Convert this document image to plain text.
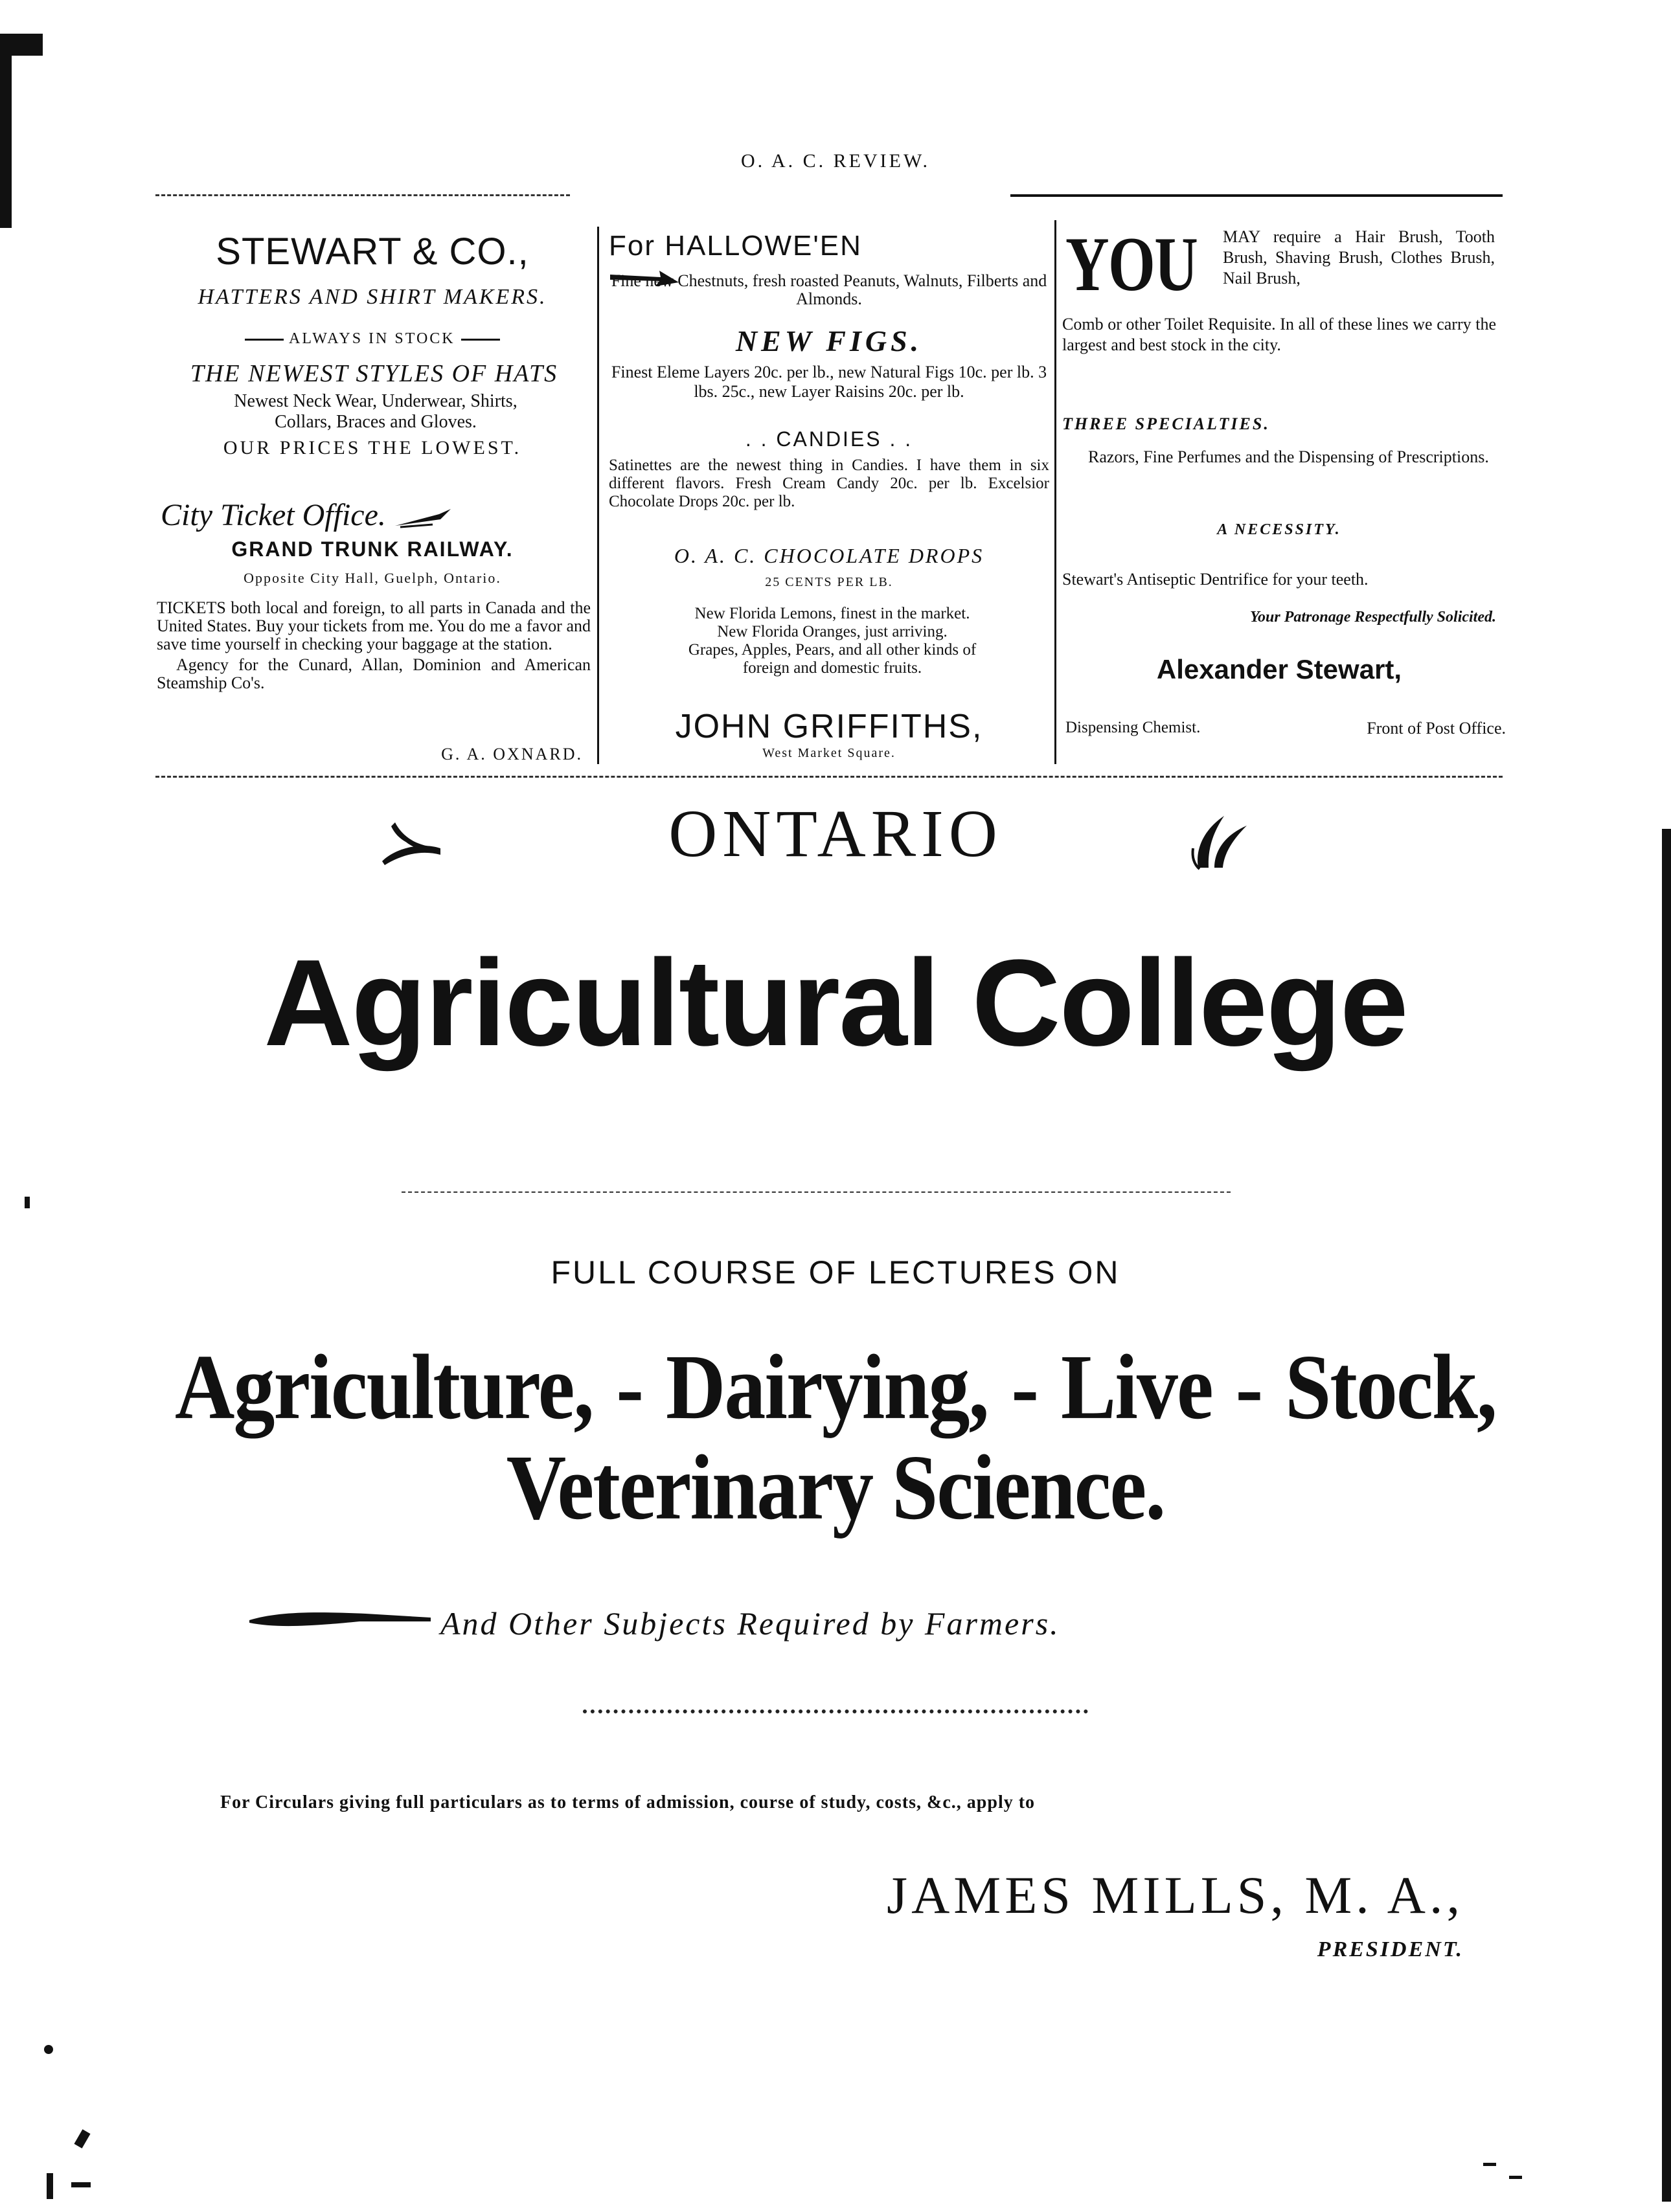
O. A. C. REVIEW.
STEWART & CO.,
HATTERS AND SHIRT MAKERS.
ALWAYS IN STOCK
THE NEWEST STYLES OF HATS

Newest Neck Wear, Underwear, Shirts,

Collars, Braces and Gloves.

OUR PRICES THE LOWEST.
City Ticket Office.
GRAND TRUNK RAILWAY.
Opposite City Hall, Guelph, Ontario.

TICKETS both local and foreign, to all parts in Canada and the United States. Buy your tickets from me. You do me a favor and save time yourself in checking your baggage at the station.

Agency for the Cunard, Allan, Dominion and American Steamship Co's.

G. A. OXNARD.
For HALLOWE'EN
Fine new Chestnuts, fresh roasted Peanuts, Walnuts, Filberts and Almonds.
NEW FIGS.
Finest Eleme Layers 20c. per lb., new Natural Figs 10c. per lb. 3 lbs. 25c., new Layer Raisins 20c. per lb.
. . CANDIES . .
Satinettes are the newest thing in Candies. I have them in six different flavors. Fresh Cream Candy 20c. per lb. Excelsior Chocolate Drops 20c. per lb.
O. A. C. CHOCOLATE DROPS
25 CENTS PER LB.

New Florida Lemons, finest in the market.

New Florida Oranges, just arriving.

Grapes, Apples, Pears, and all other kinds of

foreign and domestic fruits.

JOHN GRIFFITHS,
West Market Square.
YOU MAY require a Hair Brush, Tooth Brush, Shaving Brush, Clothes Brush, Nail Brush,
Comb or other Toilet Requisite. In all of these lines we carry the largest and best stock in the city.
THREE SPECIALTIES.
Razors, Fine Perfumes and the Dispensing of Prescriptions.
A NECESSITY.
Stewart's Antiseptic Dentrifice for your teeth.
Your Patronage Respectfully Solicited.
Alexander Stewart,
Dispensing Chemist.	Front of Post Office.
ONTARIO
Agricultural College
FULL COURSE OF LECTURES ON
Agriculture, - Dairying, - Live - Stock,
Veterinary Science.
And Other Subjects Required by Farmers.
For Circulars giving full particulars as to terms of admission, course of study, costs, &c., apply to
JAMES MILLS, M. A.,
PRESIDENT.
